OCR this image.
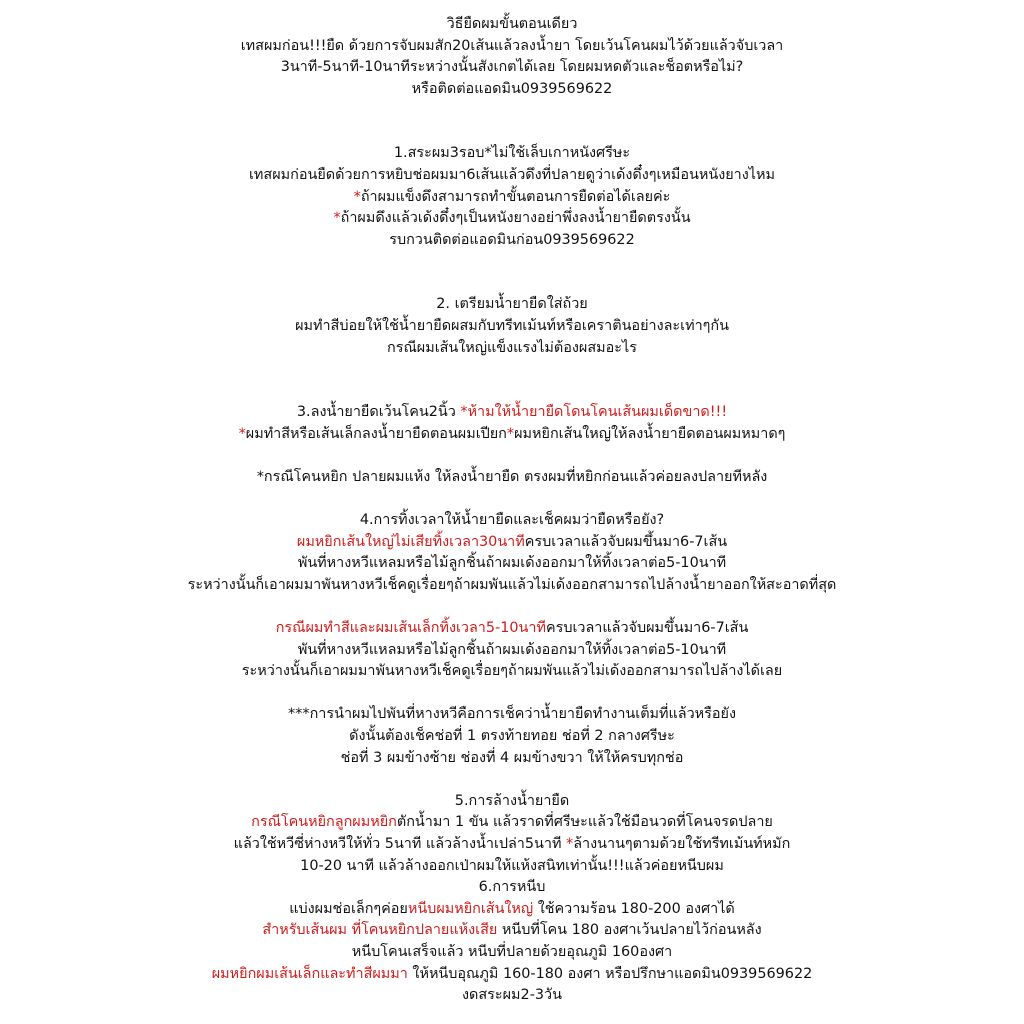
วิธียืดผมขั้นตอนเดียว
เทสผมก่อน!!!ยืด ด้วยการจับผมสัก20เส้นแล้วลงน้ำยา โดยเว้นโคนผมไว้ด้วยแล้วจับเวลา
3นาที-5นาที-10นาทีระหว่างนั้นสังเกตได้เลย โดยผมหดตัวและช็อตหรือไม่?
หรือติดต่อแอดมิน0939569622
1.สระผม3รอบ*ไม่ใช้เล็บเกาหนังศรีษะ
เทสผมก่อนยืดด้วยการหยิบช่อผมมา6เส้นแล้วดึงที่ปลายดูว่าเด้งดึ๋งๆเหมือนหนังยางไหม
*ถ้าผมแข็งดึงสามารถทำขั้นตอนการยืดต่อได้เลยค่ะ
*ถ้าผมดึงแล้วเด้งดึ๋งๆเป็นหนังยางอย่าพึ่งลงน้ำยายืดตรงนั้น
รบกวนติดต่อแอดมินก่อน0939569622
2. เตรียมน้ำยายืดใส่ถ้วย
ผมทำสีบ่อยให้ใช้น้ำยายืดผสมกับทรีทเม้นท์หรือเคราตินอย่างละเท่าๆกัน
กรณีผมเส้นใหญ่แข็งแรงไม่ต้องผสมอะไร
3.ลงน้ำยายืดเว้นโคน2นิ้ว *ห้ามให้น้ำยายืดโดนโคนเส้นผมเด็ดขาด!!!
*ผมทำสีหรือเส้นเล็กลงน้ำยายืดตอนผมเปียก*ผมหยิกเส้นใหญ่ให้ลงน้ำยายืดตอนผมหมาดๆ
*กรณีโคนหยิก ปลายผมแห้ง ให้ลงน้ำยายืด ตรงผมที่หยิกก่อนแล้วค่อยลงปลายทีหลัง
4.การทิ้งเวลาให้น้ำยายืดและเช็คผมว่ายืดหรือยัง?
ผมหยิกเส้นใหญ่ไม่เสียทิ้งเวลา30นาทีครบเวลาแล้วจับผมขึ้นมา6-7เส้น
พันที่หางหวีแหลมหรือไม้ลูกชิ้นถ้าผมเด้งออกมาให้ทิ้งเวลาต่อ5-10นาที
ระหว่างนั้นก็เอาผมมาพันหางหวีเช็คดูเรื่อยๆถ้าผมพันแล้วไม่เด้งออกสามารถไปล้างน้ำยาออกให้สะอาดที่สุด
กรณีผมทำสีและผมเส้นเล็กทิ้งเวลา5-10นาทีครบเวลาแล้วจับผมขึ้นมา6-7เส้น
พันที่หางหวีแหลมหรือไม้ลูกชิ้นถ้าผมเด้งออกมาให้ทิ้งเวลาต่อ5-10นาที
ระหว่างนั้นก็เอาผมมาพันหางหวีเช็คดูเรื่อยๆถ้าผมพันแล้วไม่เด้งออกสามารถไปล้างได้เลย
***การนำผมไปพันที่หางหวีคือการเช็คว่าน้ำยายืดทำงานเต็มที่แล้วหรือยัง
ดังนั้นต้องเช็คช่อที่ 1 ตรงท้ายทอย ช่อที่ 2 กลางศรีษะ
ช่อที่ 3 ผมข้างซ้าย ช่องที่ 4 ผมข้างขวา ให้ให้ครบทุกช่อ
5.การล้างน้ำยายืด
กรณีโคนหยิกลูกผมหยิกตักน้ำมา 1 ขัน แล้วราดที่ศรีษะแล้วใช้มือนวดที่โคนจรดปลาย
แล้วใช้หวีซี่ห่างหวีให้ทั่ว 5นาที แล้วล้างน้ำเปล่า5นาที *ล้างนานๆตามด้วยใช้ทรีทเม้นท์หมัก
10-20 นาที แล้วล้างออกเป่าผมให้แห้งสนิทเท่านั้น!!!แล้วค่อยหนีบผม
6.การหนีบ
แบ่งผมช่อเล็กๆค่อยหนีบผมหยิกเส้นใหญ่ ใช้ความร้อน 180-200 องศาได้
สำหรับเส้นผม ที่โคนหยิกปลายแห้งเสีย หนีบที่โคน 180 องศาเว้นปลายไว้ก่อนหลัง
หนีบโคนเสร็จแล้ว หนีบที่ปลายด้วยอุณภูมิ 160องศา
ผมหยิกผมเส้นเล็กและทำสีผมมา ให้หนีบอุณภูมิ 160-180 องศา หรือปรึกษาแอดมิน0939569622
งดสระผม2-3วัน
